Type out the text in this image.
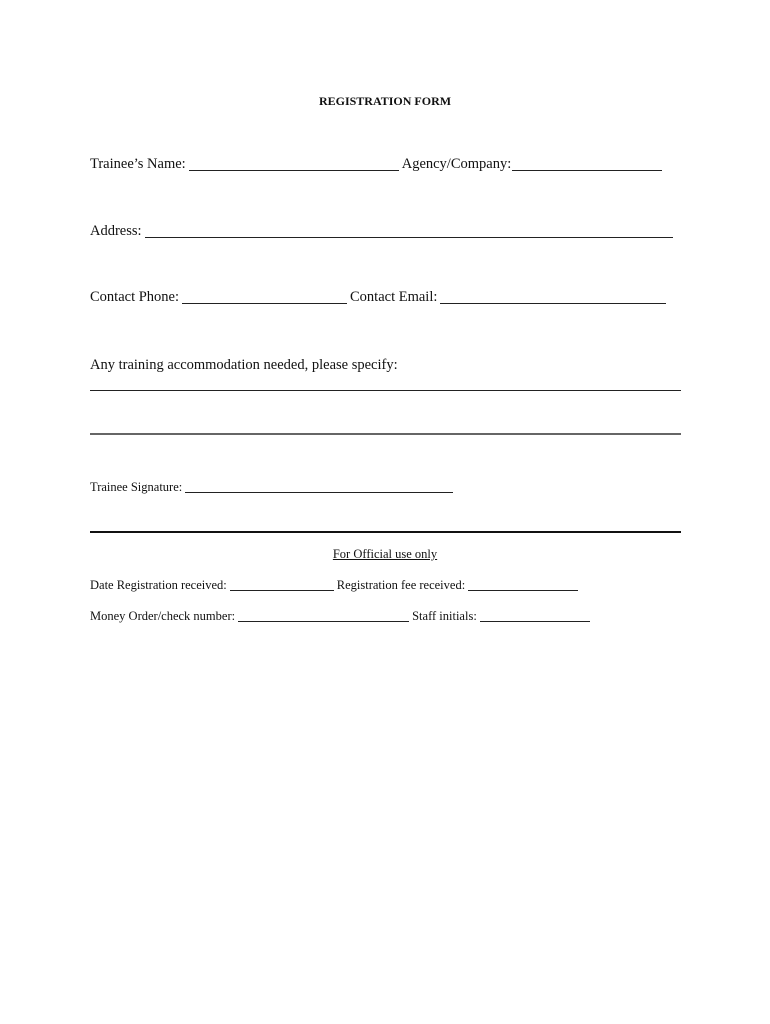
REGISTRATION FORM
Trainee’s Name:	Agency/Company:
Address:
Contact Phone:	Contact Email:
Any training accommodation needed, please specify:
Trainee Signature:
For Official use only
Date Registration received:	Registration fee received:
Money Order/check number:	Staff initials:
